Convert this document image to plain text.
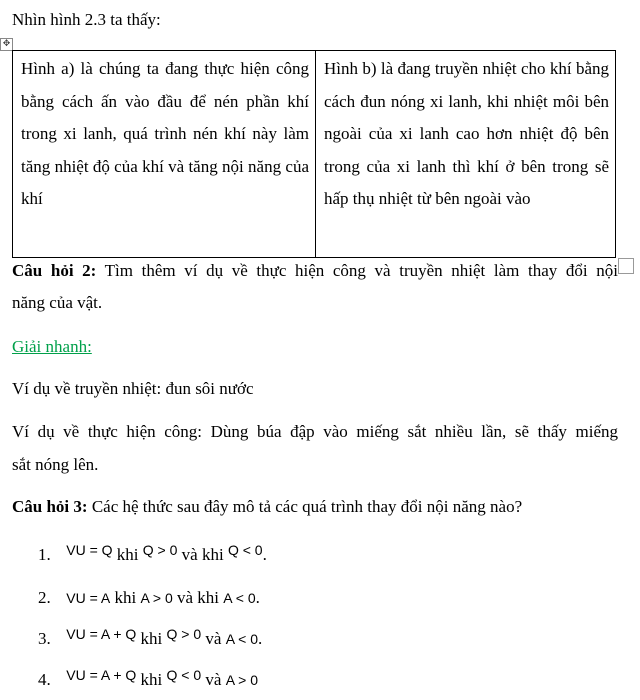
Nhìn hình 2.3 ta thấy:
✥
Hình a) là chúng ta đang thực hiện công bằng cách ấn vào đầu để nén phần khí trong xi lanh, quá trình nén khí này làm tăng nhiệt độ của khí và tăng nội năng của khí	Hình b) là đang truyền nhiệt cho khí bằng cách đun nóng xi lanh, khi nhiệt môi bên ngoài của xi lanh cao hơn nhiệt độ bên trong của xi lanh thì khí ở bên trong sẽ hấp thụ nhiệt từ bên ngoài vào
Câu hỏi 2: Tìm thêm ví dụ về thực hiện công và truyền nhiệt làm thay đổi nội
năng của vật.
Giải nhanh:
Ví dụ về truyền nhiệt: đun sôi nước
Ví dụ về thực hiện công: Dùng búa đập vào miếng sắt nhiều lần, sẽ thấy miếng
sắt nóng lên.
Câu hỏi 3: Các hệ thức sau đây mô tả các quá trình thay đổi nội năng nào?
1. $^{VU = Q}$ khi $^{Q > 0}$ và khi $^{Q < 0}$.
2. VU = A khi A > 0 và khi A < 0.
3. $^{VU = A + Q}$ khi $^{Q > 0}$ và A < 0.
4. $^{VU = A + Q}$ khi $^{Q < 0}$ và A > 0
